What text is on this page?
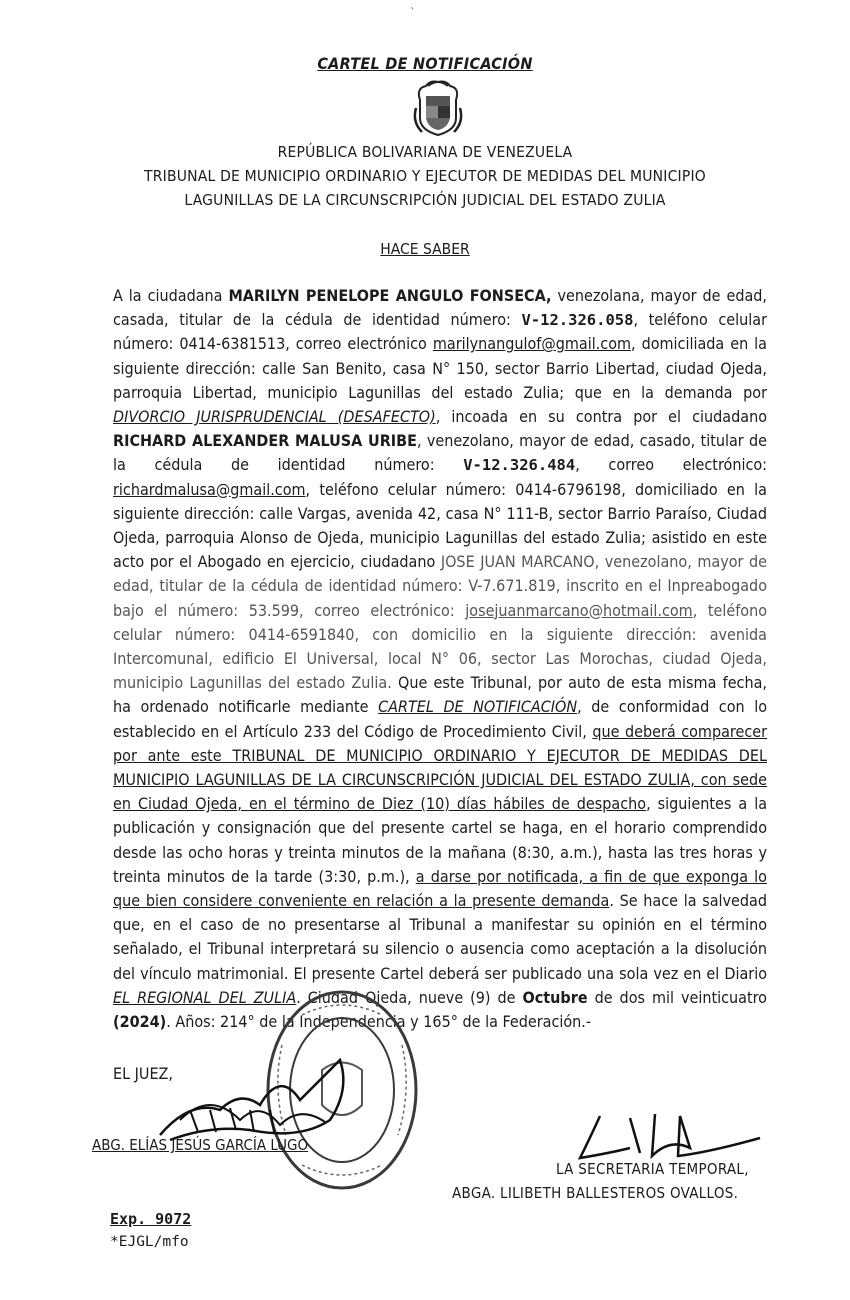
`
CARTEL DE NOTIFICACIÓN
REPÚBLICA BOLIVARIANA DE VENEZUELA
TRIBUNAL DE MUNICIPIO ORDINARIO Y EJECUTOR DE MEDIDAS DEL MUNICIPIO
LAGUNILLAS DE LA CIRCUNSCRIPCIÓN JUDICIAL DEL ESTADO ZULIA
HACE SABER
A la ciudadana MARILYN PENELOPE ANGULO FONSECA, venezolana, mayor de edad, casada, titular de la cédula de identidad número: V-12.326.058, teléfono celular número: 0414-6381513, correo electrónico marilynangulof@gmail.com, domiciliada en la siguiente dirección: calle San Benito, casa N° 150, sector Barrio Libertad, ciudad Ojeda, parroquia Libertad, municipio Lagunillas del estado Zulia; que en la demanda por DIVORCIO JURISPRUDENCIAL (DESAFECTO), incoada en su contra por el ciudadano RICHARD ALEXANDER MALUSA URIBE, venezolano, mayor de edad, casado, titular de la cédula de identidad número: V-12.326.484, correo electrónico: richardmalusa@gmail.com, teléfono celular número: 0414-6796198, domiciliado en la siguiente dirección: calle Vargas, avenida 42, casa N° 111-B, sector Barrio Paraíso, Ciudad Ojeda, parroquia Alonso de Ojeda, municipio Lagunillas del estado Zulia; asistido en este acto por el Abogado en ejercicio, ciudadano JOSE JUAN MARCANO, venezolano, mayor de edad, titular de la cédula de identidad número: V-7.671.819, inscrito en el Inpreabogado bajo el número: 53.599, correo electrónico: josejuanmarcano@hotmail.com, teléfono celular número: 0414-6591840, con domicilio en la siguiente dirección: avenida Intercomunal, edificio El Universal, local N° 06, sector Las Morochas, ciudad Ojeda, municipio Lagunillas del estado Zulia. Que este Tribunal, por auto de esta misma fecha, ha ordenado notificarle mediante CARTEL DE NOTIFICACIÓN, de conformidad con lo establecido en el Artículo 233 del Código de Procedimiento Civil, que deberá comparecer por ante este TRIBUNAL DE MUNICIPIO ORDINARIO Y EJECUTOR DE MEDIDAS DEL MUNICIPIO LAGUNILLAS DE LA CIRCUNSCRIPCIÓN JUDICIAL DEL ESTADO ZULIA, con sede en Ciudad Ojeda, en el término de Diez (10) días hábiles de despacho, siguientes a la publicación y consignación que del presente cartel se haga, en el horario comprendido desde las ocho horas y treinta minutos de la mañana (8:30, a.m.), hasta las tres horas y treinta minutos de la tarde (3:30, p.m.), a darse por notificada, a fin de que exponga lo que bien considere conveniente en relación a la presente demanda. Se hace la salvedad que, en el caso de no presentarse al Tribunal a manifestar su opinión en el término señalado, el Tribunal interpretará su silencio o ausencia como aceptación a la disolución del vínculo matrimonial. El presente Cartel deberá ser publicado una sola vez en el Diario EL REGIONAL DEL ZULIA. Ciudad Ojeda, nueve (9) de Octubre de dos mil veinticuatro (2024). Años: 214° de la Independencia y 165° de la Federación.-
EL JUEZ,
ABG. ELÍAS JESÚS GARCÍA LUGO
LA SECRETARIA TEMPORAL,
ABGA. LILIBETH BALLESTEROS OVALLOS.
Exp. 9072
*EJGL/mfo
